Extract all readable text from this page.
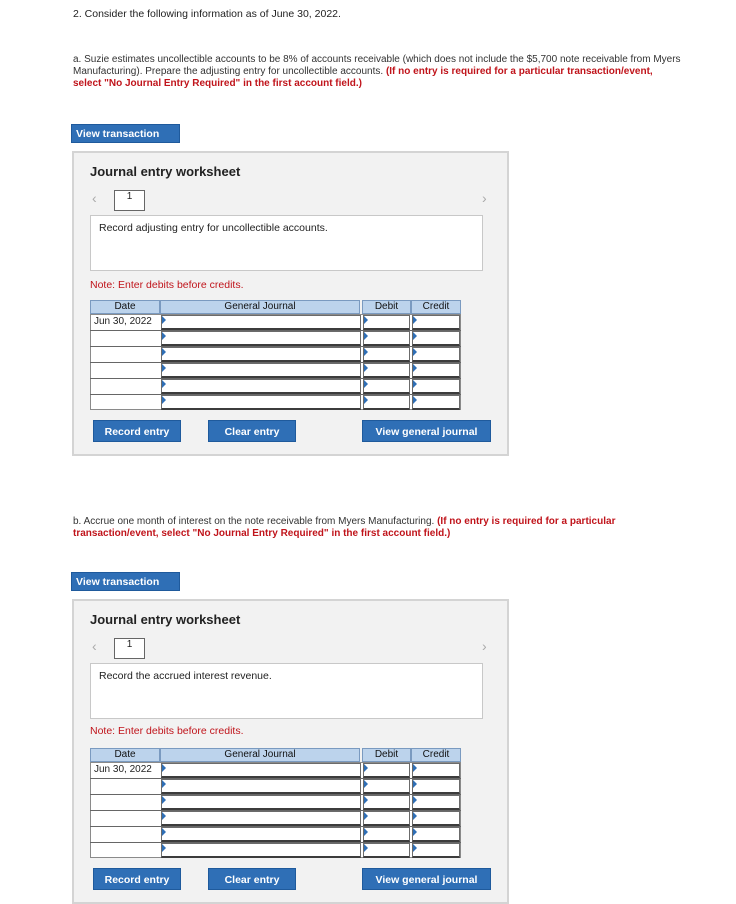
2. Consider the following information as of June 30, 2022.
a. Suzie estimates uncollectible accounts to be 8% of accounts receivable (which does not include the $5,700 note receivable from Myers Manufacturing). Prepare the adjusting entry for uncollectible accounts. (If no entry is required for a particular transaction/event, select "No Journal Entry Required" in the first account field.)
View transaction
Journal entry worksheet
‹	1	›
Record adjusting entry for uncollectible accounts.
Note: Enter debits before credits.
Date	General Journal	Debit	Credit
Jun 30, 2022
Record entry	Clear entry	View general journal
b. Accrue one month of interest on the note receivable from Myers Manufacturing. (If no entry is required for a particular transaction/event, select "No Journal Entry Required" in the first account field.)
View transaction
Journal entry worksheet
‹	1	›
Record the accrued interest revenue.
Note: Enter debits before credits.
Date	General Journal	Debit	Credit
Jun 30, 2022
Record entry	Clear entry	View general journal
